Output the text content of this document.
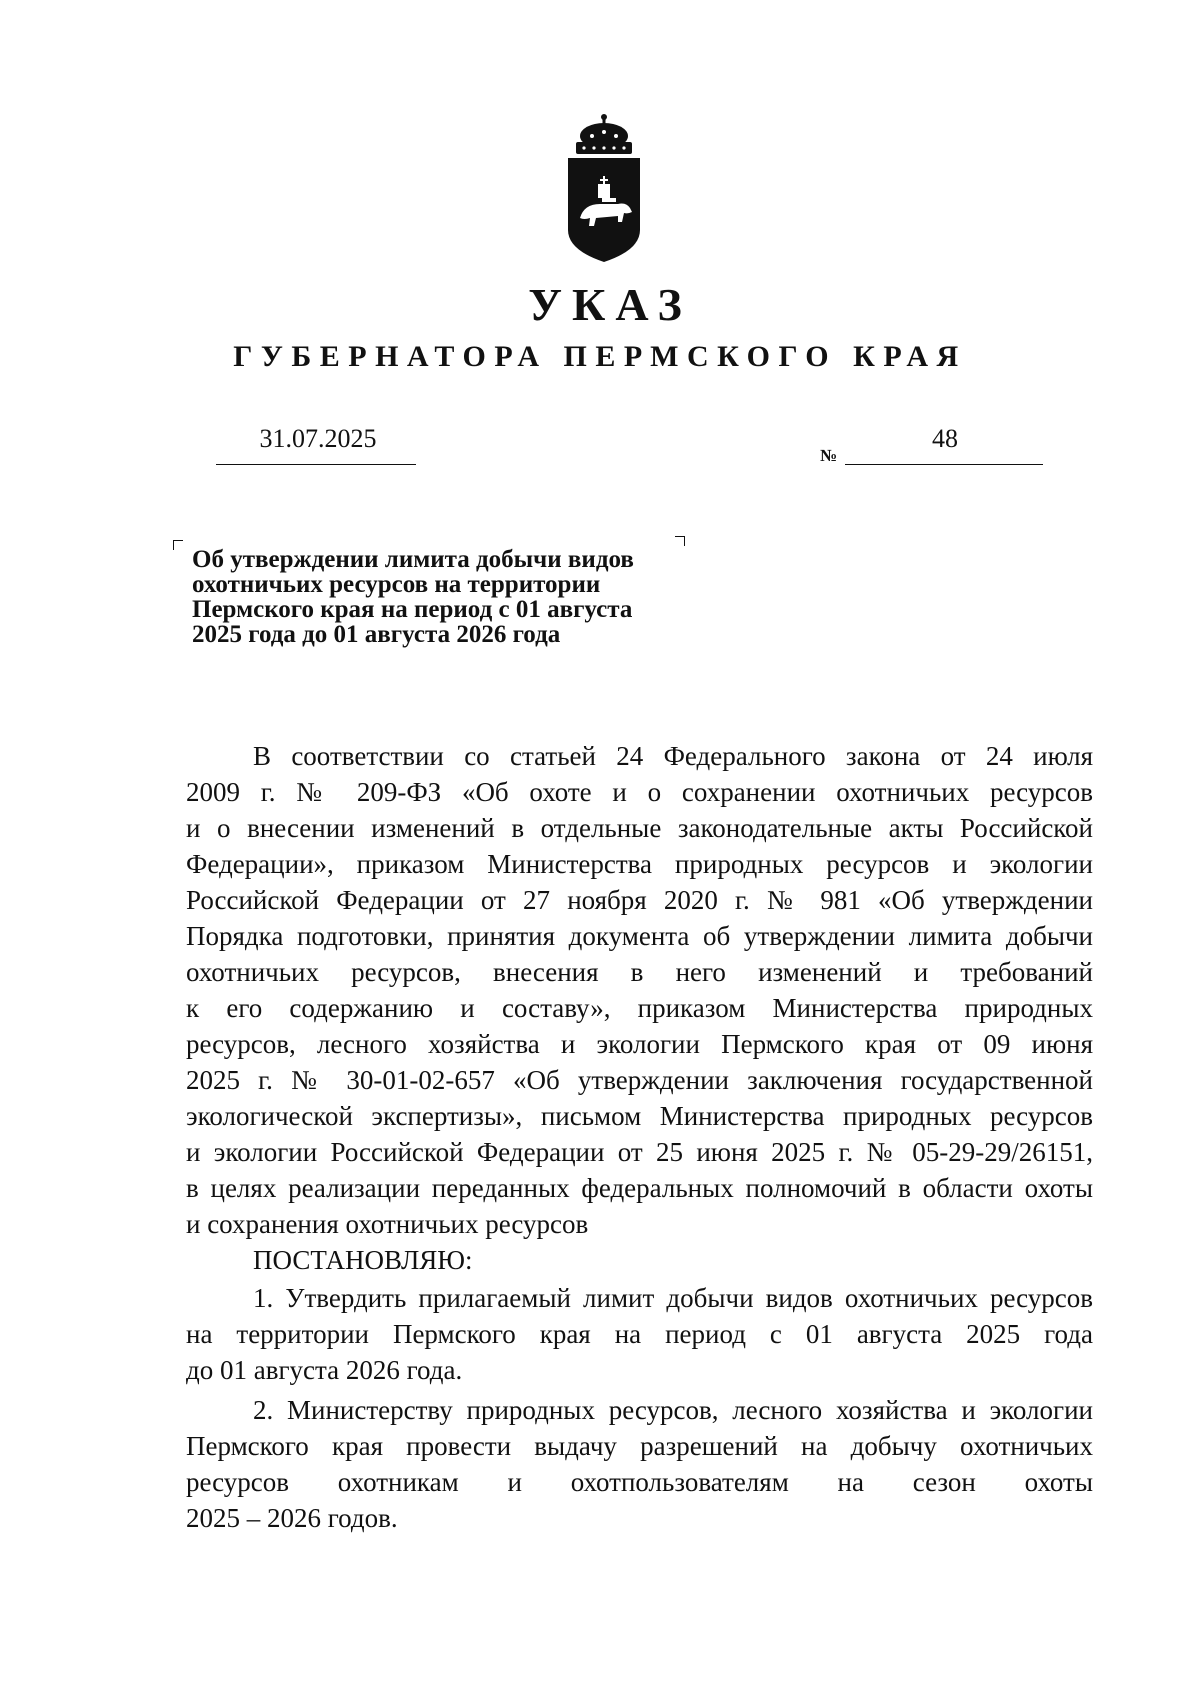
УКАЗ
ГУБЕРНАТОРА ПЕРМСКОГО КРАЯ
31.07.2025
№
48
Об утверждении лимита добычи видов
охотничьих ресурсов на территории
Пермского края на период с 01 августа
2025 года до 01 августа 2026 года
В соответствии со статьей 24 Федерального закона от 24 июля
2009 г. № 209-ФЗ «Об охоте и о сохранении охотничьих ресурсов
и о внесении изменений в отдельные законодательные акты Российской
Федерации», приказом Министерства природных ресурсов и экологии
Российской Федерации от 27 ноября 2020 г. № 981 «Об утверждении
Порядка подготовки, принятия документа об утверждении лимита добычи
охотничьих ресурсов, внесения в него изменений и требований
к его содержанию и составу», приказом Министерства природных
ресурсов, лесного хозяйства и экологии Пермского края от 09 июня
2025 г. № 30-01-02-657 «Об утверждении заключения государственной
экологической экспертизы», письмом Министерства природных ресурсов
и экологии Российской Федерации от 25 июня 2025 г. № 05-29-29/26151,
в целях реализации переданных федеральных полномочий в области охоты
и сохранения охотничьих ресурсов
ПОСТАНОВЛЯЮ:
1. Утвердить прилагаемый лимит добычи видов охотничьих ресурсов
на территории Пермского края на период с 01 августа 2025 года
до 01 августа 2026 года.
2. Министерству природных ресурсов, лесного хозяйства и экологии
Пермского края провести выдачу разрешений на добычу охотничьих
ресурсов охотникам и охотпользователям на сезон охоты
2025 – 2026 годов.
